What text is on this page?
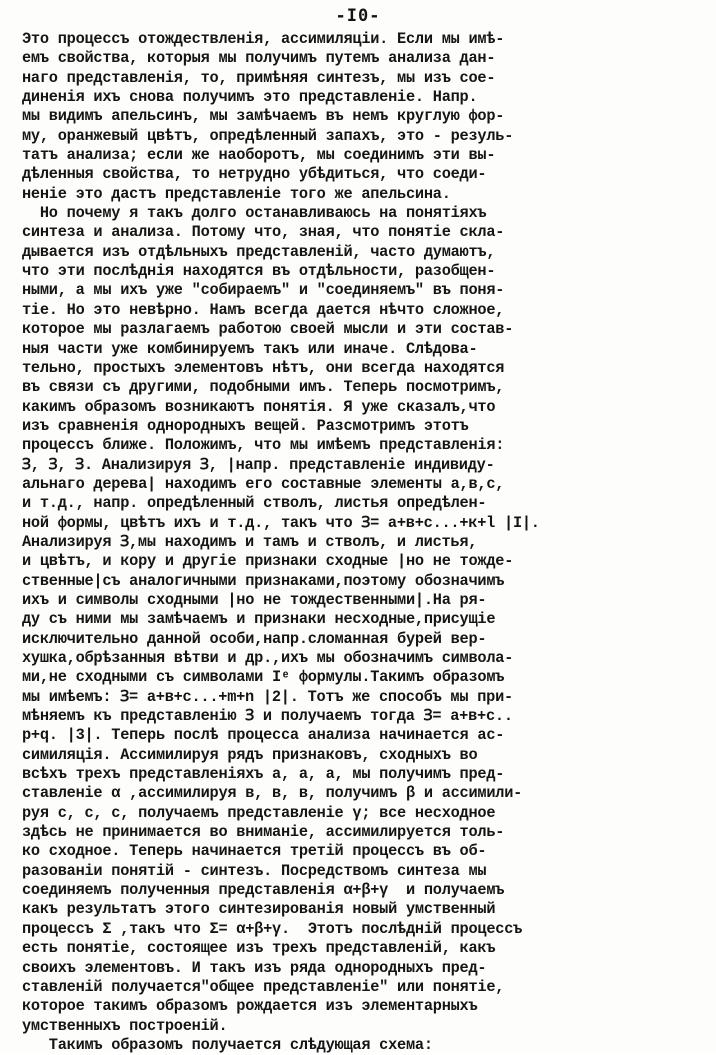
-I0-
Это процессъ отождествленія, ассимиляціи. Если мы имѣ-
емъ свойства, которыя мы получимъ путемъ анализа дан-
наго представленія, то, примѣняя синтезъ, мы изъ сое-
диненія ихъ снова получимъ это представленіе. Напр.
мы видимъ апельсинъ, мы замѣчаемъ въ немъ круглую фор-
му, оранжевый цвѣтъ, опредѣленный запахъ, это - резуль-
татъ анализа; если же наоборотъ, мы соединимъ эти вы-
дѣленныя свойства, то нетрудно убѣдиться, что соеди-
неніе это дастъ представленіе того же апельсина.
Но почему я такъ долго останавливаюсь на понятіяхъ
синтеза и анализа. Потому что, зная, что понятіе скла-
дывается изъ отдѣльныхъ представленій, часто думаютъ,
что эти послѣднія находятся въ отдѣльности, разобщен-
ными, а мы ихъ уже "собираемъ" и "соединяемъ" въ поня-
тіе. Но это невѣрно. Намъ всегда дается нѣчто сложное,
которое мы разлагаемъ работою своей мысли и эти состав-
ныя части уже комбинируемъ такъ или иначе. Слѣдова-
тельно, простыхъ элементовъ нѣтъ, они всегда находятся
въ связи съ другими, подобными имъ. Теперь посмотримъ,
какимъ образомъ возникаютъ понятія. Я уже сказалъ,что
изъ сравненія однородныхъ вещей. Разсмотримъ этотъ
процессъ ближе. Положимъ, что мы имѣемъ представленія:
Ɜ, Ɜ, Ɜ. Анализируя Ɜ, |напр. представленіе индивиду-
альнаго дерева| находимъ его составные элементы а,в,с,
и т.д., напр. опредѣленный стволъ, листья опредѣлен-
ной формы, цвѣтъ ихъ и т.д., такъ что Ɜ= а+в+с...+к+l |I|.
Анализируя Ɜ,мы находимъ и тамъ и стволъ, и листья,
и цвѣтъ, и кору и другіе признаки сходные |но не тожде-
ственные|съ аналогичными признаками,поэтому обозначимъ
ихъ и символы сходными |но не тождественными|.На ря-
ду съ ними мы замѣчаемъ и признаки несходные,присущіе
исключительно данной особи,напр.сломанная бурей вер-
хушка,обрѣзанныя вѣтви и др.,ихъ мы обозначимъ символа-
ми,не сходными съ символами Iᵉ формулы.Такимъ образомъ
мы имѣемъ: Ɜ= а+в+с...+m+n |2|. Тотъ же способъ мы при-
мѣняемъ къ представленію Ɜ и получаемъ тогда Ɜ= а+в+с..
р+q. |3|. Теперь послѣ процесса анализа начинается ас-
симиляція. Ассимилируя рядъ признаковъ, сходныхъ во
всѣхъ трехъ представленіяхъ а, а, а, мы получимъ пред-
ставленіе α ,ассимилируя в, в, в, получимъ β и ассимили-
руя с, с, с, получаемъ представленіе γ; все несходное
здѣсь не принимается во вниманіе, ассимилируется толь-
ко сходное. Теперь начинается третій процессъ въ об-
разованіи понятій - синтезъ. Посредствомъ синтеза мы
соединяемъ полученныя представленія α+β+γ  и получаемъ
какъ результатъ этого синтезированія новый умственный
процессъ Σ ,такъ что Σ= α+β+γ.  Этотъ послѣдній процессъ
есть понятіе, состоящее изъ трехъ представленій, какъ
своихъ элементовъ. И такъ изъ ряда однородныхъ пред-
ставленій получается"общее представленіе" или понятіе,
которое такимъ образомъ рождается изъ элементарныхъ
умственныхъ построеній.
Такимъ образомъ получается слѣдующая схема:
